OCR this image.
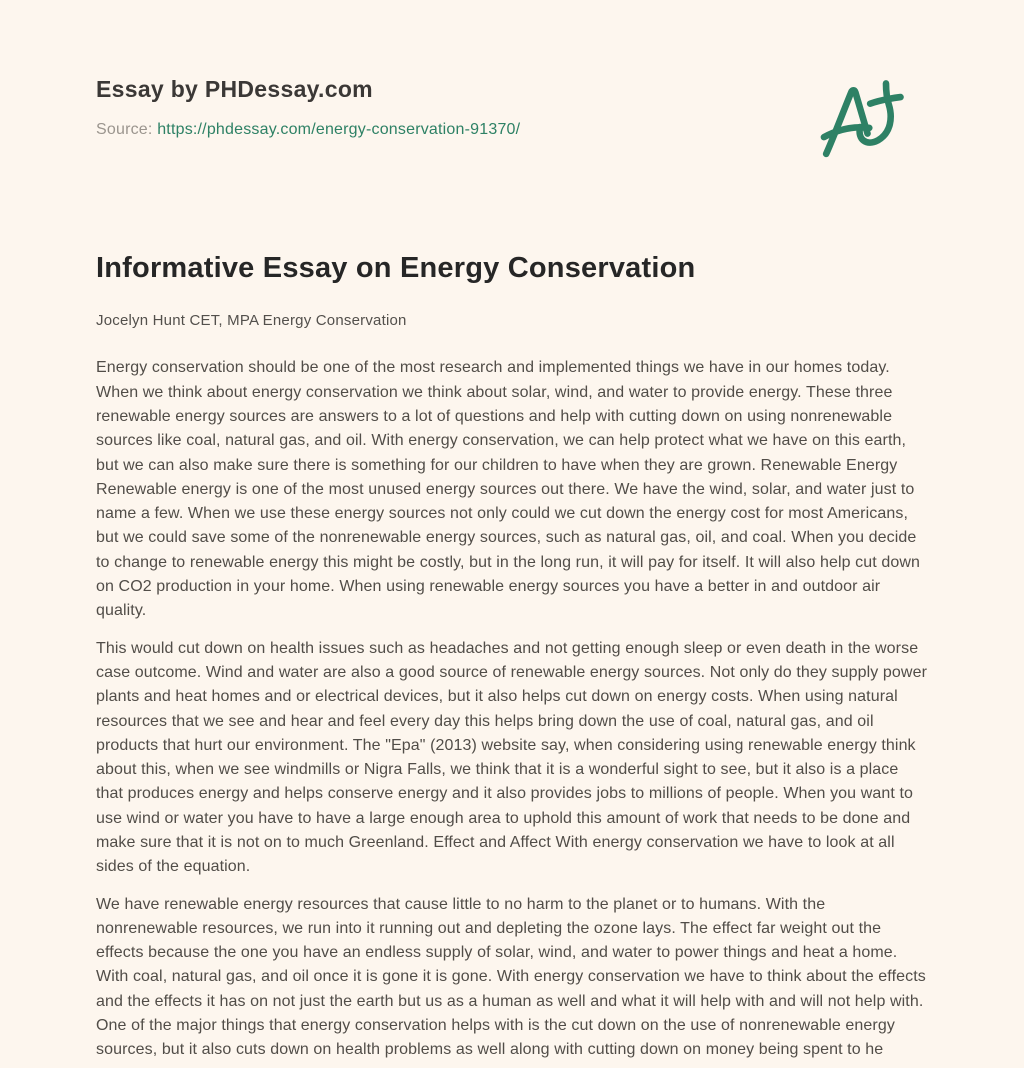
Essay by PHDessay.com
Source: https://phdessay.com/energy-conservation-91370/
Informative Essay on Energy Conservation
Jocelyn Hunt CET, MPA Energy Conservation

Energy conservation should be one of the most research and implemented things we have in our homes today. When we think about energy conservation we think about solar, wind, and water to provide energy. These three renewable energy sources are answers to a lot of questions and help with cutting down on using nonrenewable sources like coal, natural gas, and oil. With energy conservation, we can help protect what we have on this earth, but we can also make sure there is something for our children to have when they are grown. Renewable Energy Renewable energy is one of the most unused energy sources out there. We have the wind, solar, and water just to name a few. When we use these energy sources not only could we cut down the energy cost for most Americans, but we could save some of the nonrenewable energy sources, such as natural gas, oil, and coal. When you decide to change to renewable energy this might be costly, but in the long run, it will pay for itself. It will also help cut down on CO2 production in your home. When using renewable energy sources you have a better in and outdoor air quality.

This would cut down on health issues such as headaches and not getting enough sleep or even death in the worse case outcome. Wind and water are also a good source of renewable energy sources. Not only do they supply power plants and heat homes and or electrical devices, but it also helps cut down on energy costs. When using natural resources that we see and hear and feel every day this helps bring down the use of coal, natural gas, and oil products that hurt our environment. The "Epa" (2013) website say, when considering using renewable energy think about this, when we see windmills or Nigra Falls, we think that it is a wonderful sight to see, but it also is a place that produces energy and helps conserve energy and it also provides jobs to millions of people. When you want to use wind or water you have to have a large enough area to uphold this amount of work that needs to be done and make sure that it is not on to much Greenland. Effect and Affect With energy conservation we have to look at all sides of the equation.

We have renewable energy resources that cause little to no harm to the planet or to humans. With the nonrenewable resources, we run into it running out and depleting the ozone lays. The effect far weight out the effects because the one you have an endless supply of solar, wind, and water to power things and heat a home. With coal, natural gas, and oil once it is gone it is gone. With energy conservation we have to think about the effects and the effects it has on not just the earth but us as a human as well and what it will help with and will not help with. One of the major things that energy conservation helps with is the cut down on the use of nonrenewable energy sources, but it also cuts down on health problems as well along with cutting down on money being spent to he
